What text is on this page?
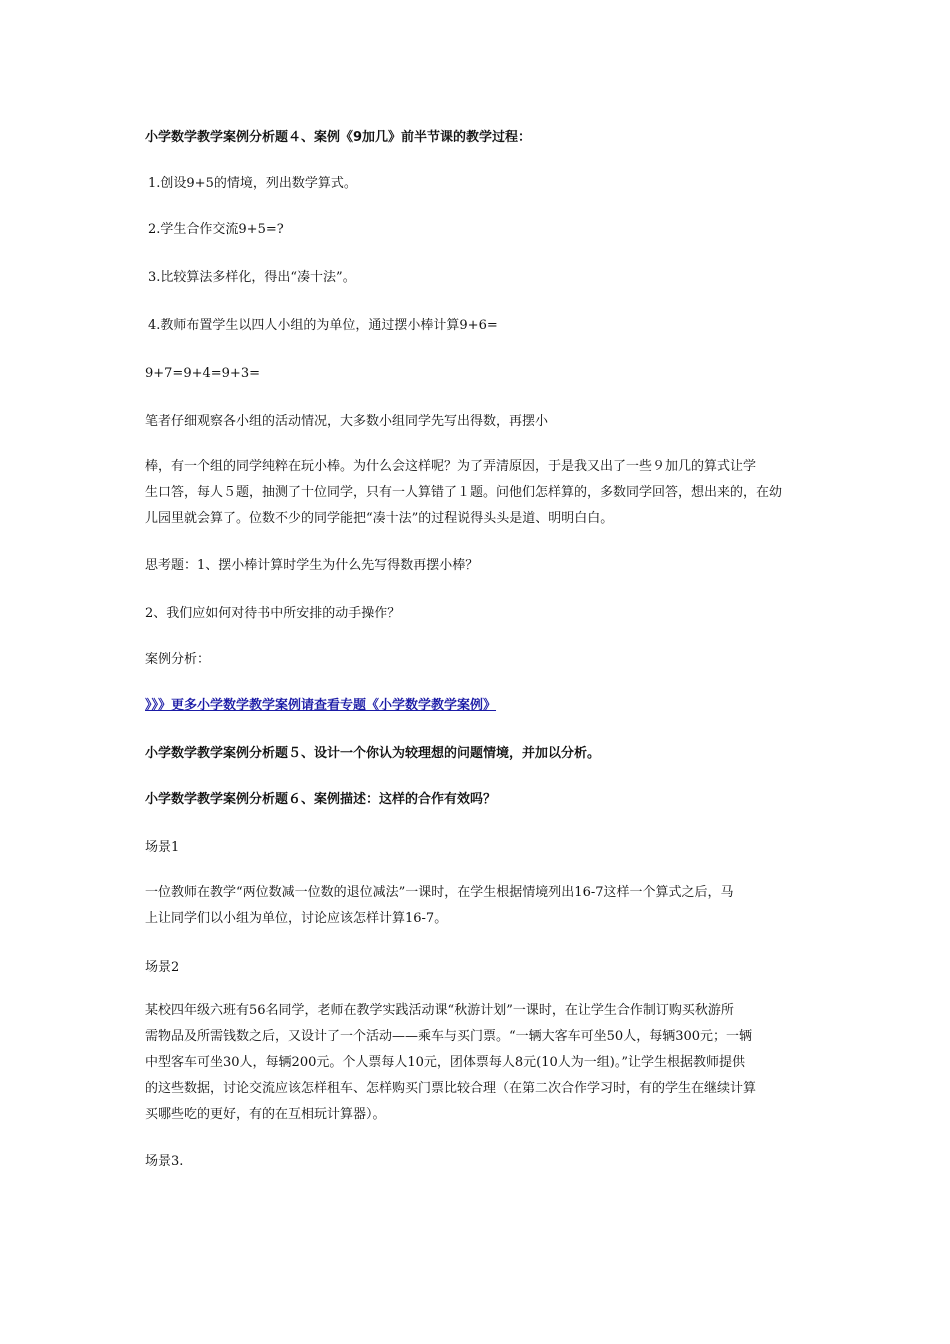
小学数学教学案例分析题４、案例《9加几》前半节课的教学过程：
1.创设9+5的情境，列出数学算式。
2.学生合作交流9+5=?
3.比较算法多样化，得出“凑十法”。
4.教师布置学生以四人小组的为单位，通过摆小棒计算9+6=
9+7=9+4=9+3=
笔者仔细观察各小组的活动情况，大多数小组同学先写出得数，再摆小
棒，有一个组的同学纯粹在玩小棒。为什么会这样呢？为了弄清原因，于是我又出了一些９加几的算式让学
生口答，每人５题，抽测了十位同学，只有一人算错了１题。问他们怎样算的，多数同学回答，想出来的，在幼
儿园里就会算了。位数不少的同学能把“凑十法”的过程说得头头是道、明明白白。
思考题：1、摆小棒计算时学生为什么先写得数再摆小棒？
2、我们应如何对待书中所安排的动手操作？
案例分析：
》》》更多小学数学教学案例请查看专题《小学数学教学案例》
小学数学教学案例分析题５、设计一个你认为较理想的问题情境，并加以分析。
小学数学教学案例分析题６、案例描述：这样的合作有效吗？
场景1
一位教师在教学“两位数减一位数的退位减法”一课时，在学生根据情境列出16-7这样一个算式之后，马
上让同学们以小组为单位，讨论应该怎样计算16-7。
场景2
某校四年级六班有56名同学，老师在教学实践活动课“秋游计划”一课时，在让学生合作制订购买秋游所
需物品及所需钱数之后，又设计了一个活动——乘车与买门票。“一辆大客车可坐50人，每辆300元；一辆
中型客车可坐30人，每辆200元。个人票每人10元，团体票每人8元(10人为一组)。”让学生根据教师提供
的这些数据，讨论交流应该怎样租车、怎样购买门票比较合理（在第二次合作学习时，有的学生在继续计算
买哪些吃的更好，有的在互相玩计算器）。
场景3.
